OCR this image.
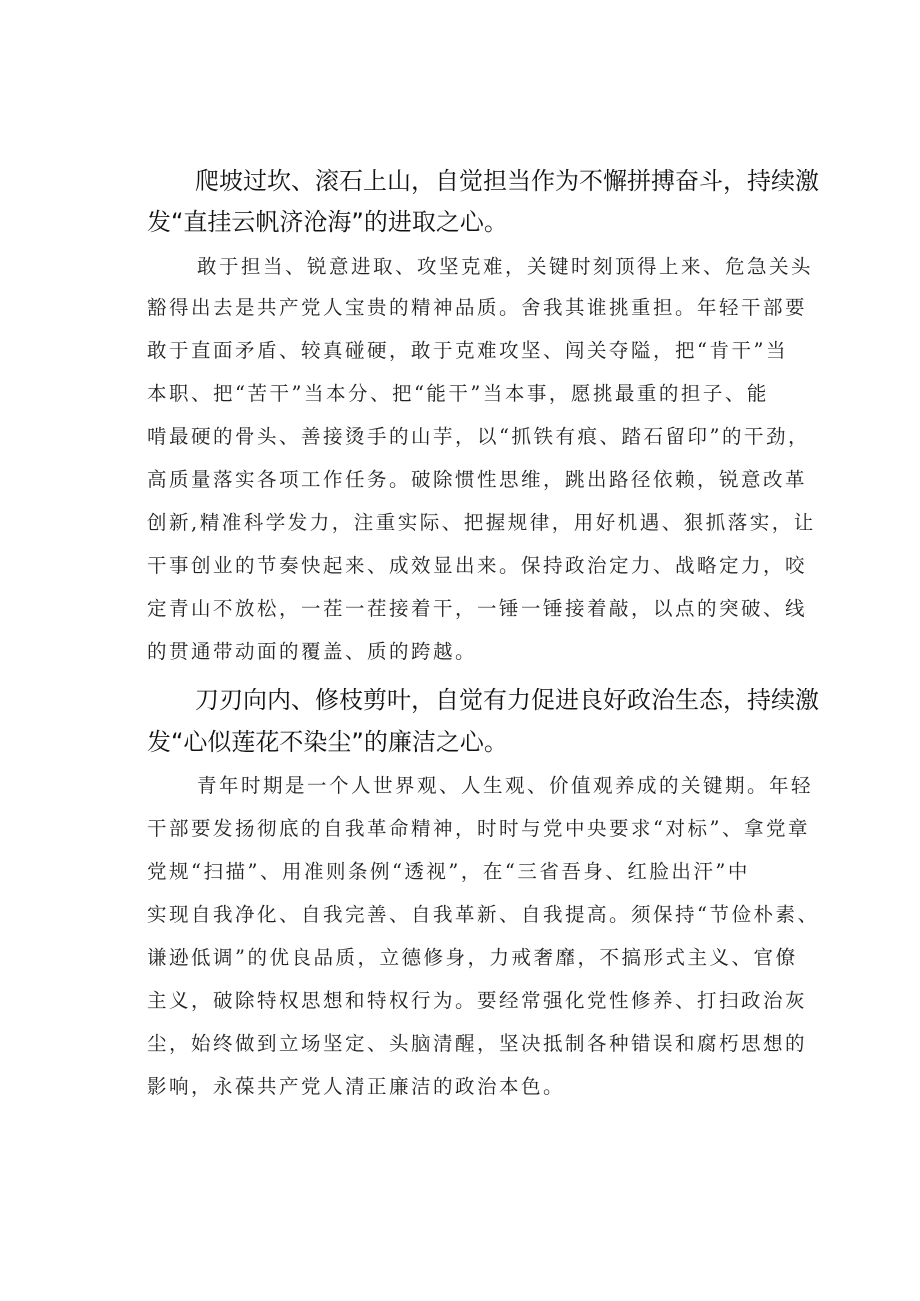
爬坡过坎、滚石上山，自觉担当作为不懈拼搏奋斗，持续激

发“直挂云帆济沧海”的进取之心。

敢于担当、锐意进取、攻坚克难，关键时刻顶得上来、危急关头

豁得出去是共产党人宝贵的精神品质。舍我其谁挑重担。年轻干部要

敢于直面矛盾、较真碰硬，敢于克难攻坚、闯关夺隘，把“肯干”当

本职、把“苦干”当本分、把“能干”当本事，愿挑最重的担子、能

啃最硬的骨头、善接烫手的山芋，以“抓铁有痕、踏石留印”的干劲，

高质量落实各项工作任务。破除惯性思维，跳出路径依赖，锐意改革

创新,精准科学发力，注重实际、把握规律，用好机遇、狠抓落实，让

干事创业的节奏快起来、成效显出来。保持政治定力、战略定力，咬

定青山不放松，一茬一茬接着干，一锤一锤接着敲，以点的突破、线

的贯通带动面的覆盖、质的跨越。

刀刃向内、修枝剪叶，自觉有力促进良好政治生态，持续激

发“心似莲花不染尘”的廉洁之心。

青年时期是一个人世界观、人生观、价值观养成的关键期。年轻

干部要发扬彻底的自我革命精神，时时与党中央要求“对标”、拿党章

党规“扫描”、用准则条例“透视”，在“三省吾身、红脸出汗”中

实现自我净化、自我完善、自我革新、自我提高。须保持“节俭朴素、

谦逊低调”的优良品质，立德修身，力戒奢靡，不搞形式主义、官僚

主义，破除特权思想和特权行为。要经常强化党性修养、打扫政治灰

尘，始终做到立场坚定、头脑清醒，坚决抵制各种错误和腐朽思想的

影响，永葆共产党人清正廉洁的政治本色。
